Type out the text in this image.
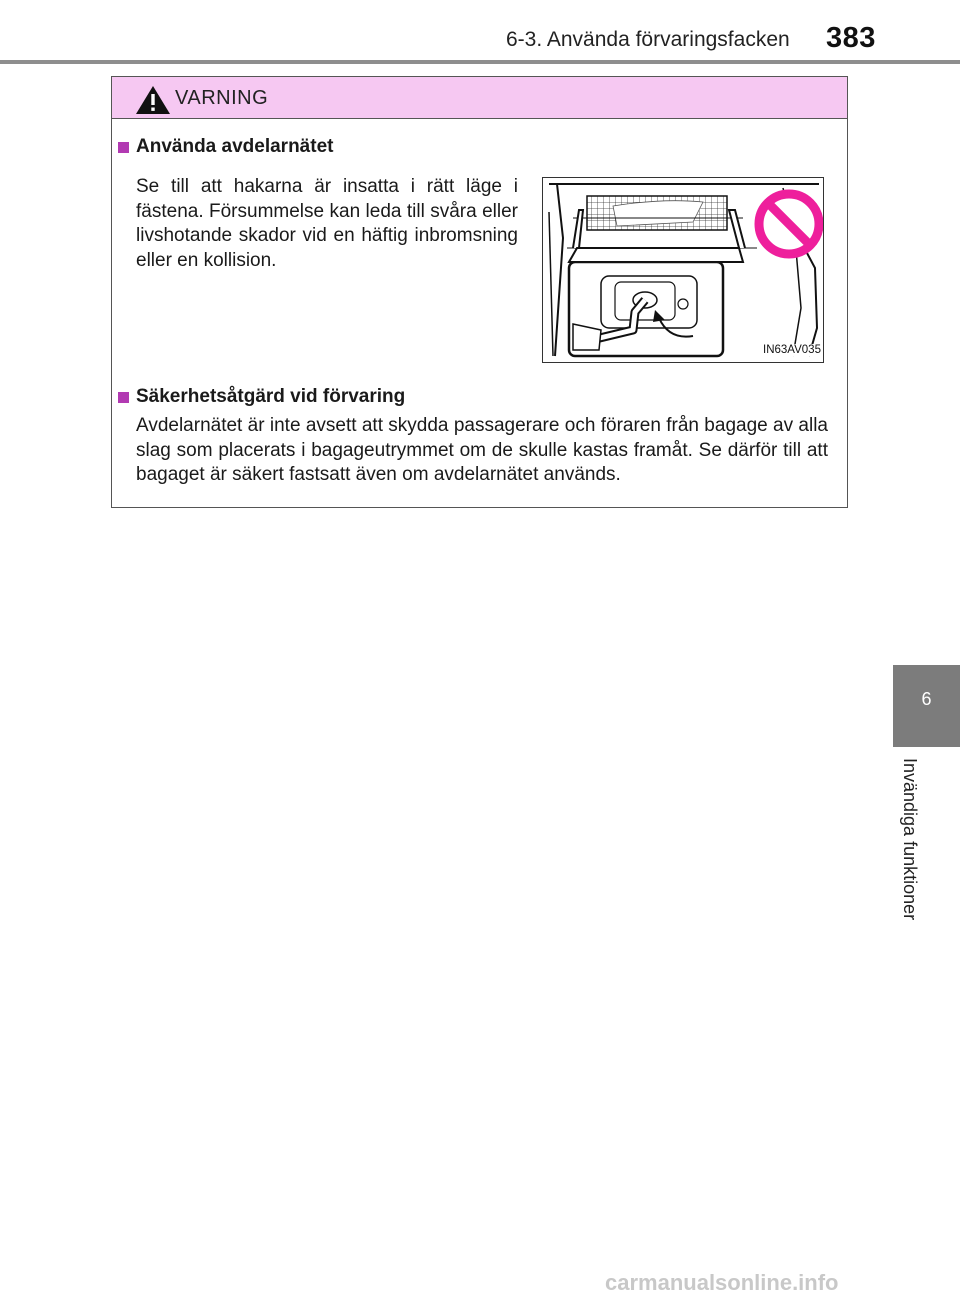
6-3. Använda förvaringsfacken 383
6
Invändiga funktioner
VARNING
Använda avdelarnätet
Se till att hakarna är insatta i rätt läge i fästena. Försummelse kan leda till svåra eller livshotande skador vid en häftig inbromsning eller en kollision.
IN63AV035
Säkerhetsåtgärd vid förvaring
Avdelarnätet är inte avsett att skydda passagerare och föraren från bagage av alla slag som placerats i bagageutrymmet om de skulle kastas framåt. Se därför till att bagaget är säkert fastsatt även om avdelarnätet används.
carmanualsonline.info
